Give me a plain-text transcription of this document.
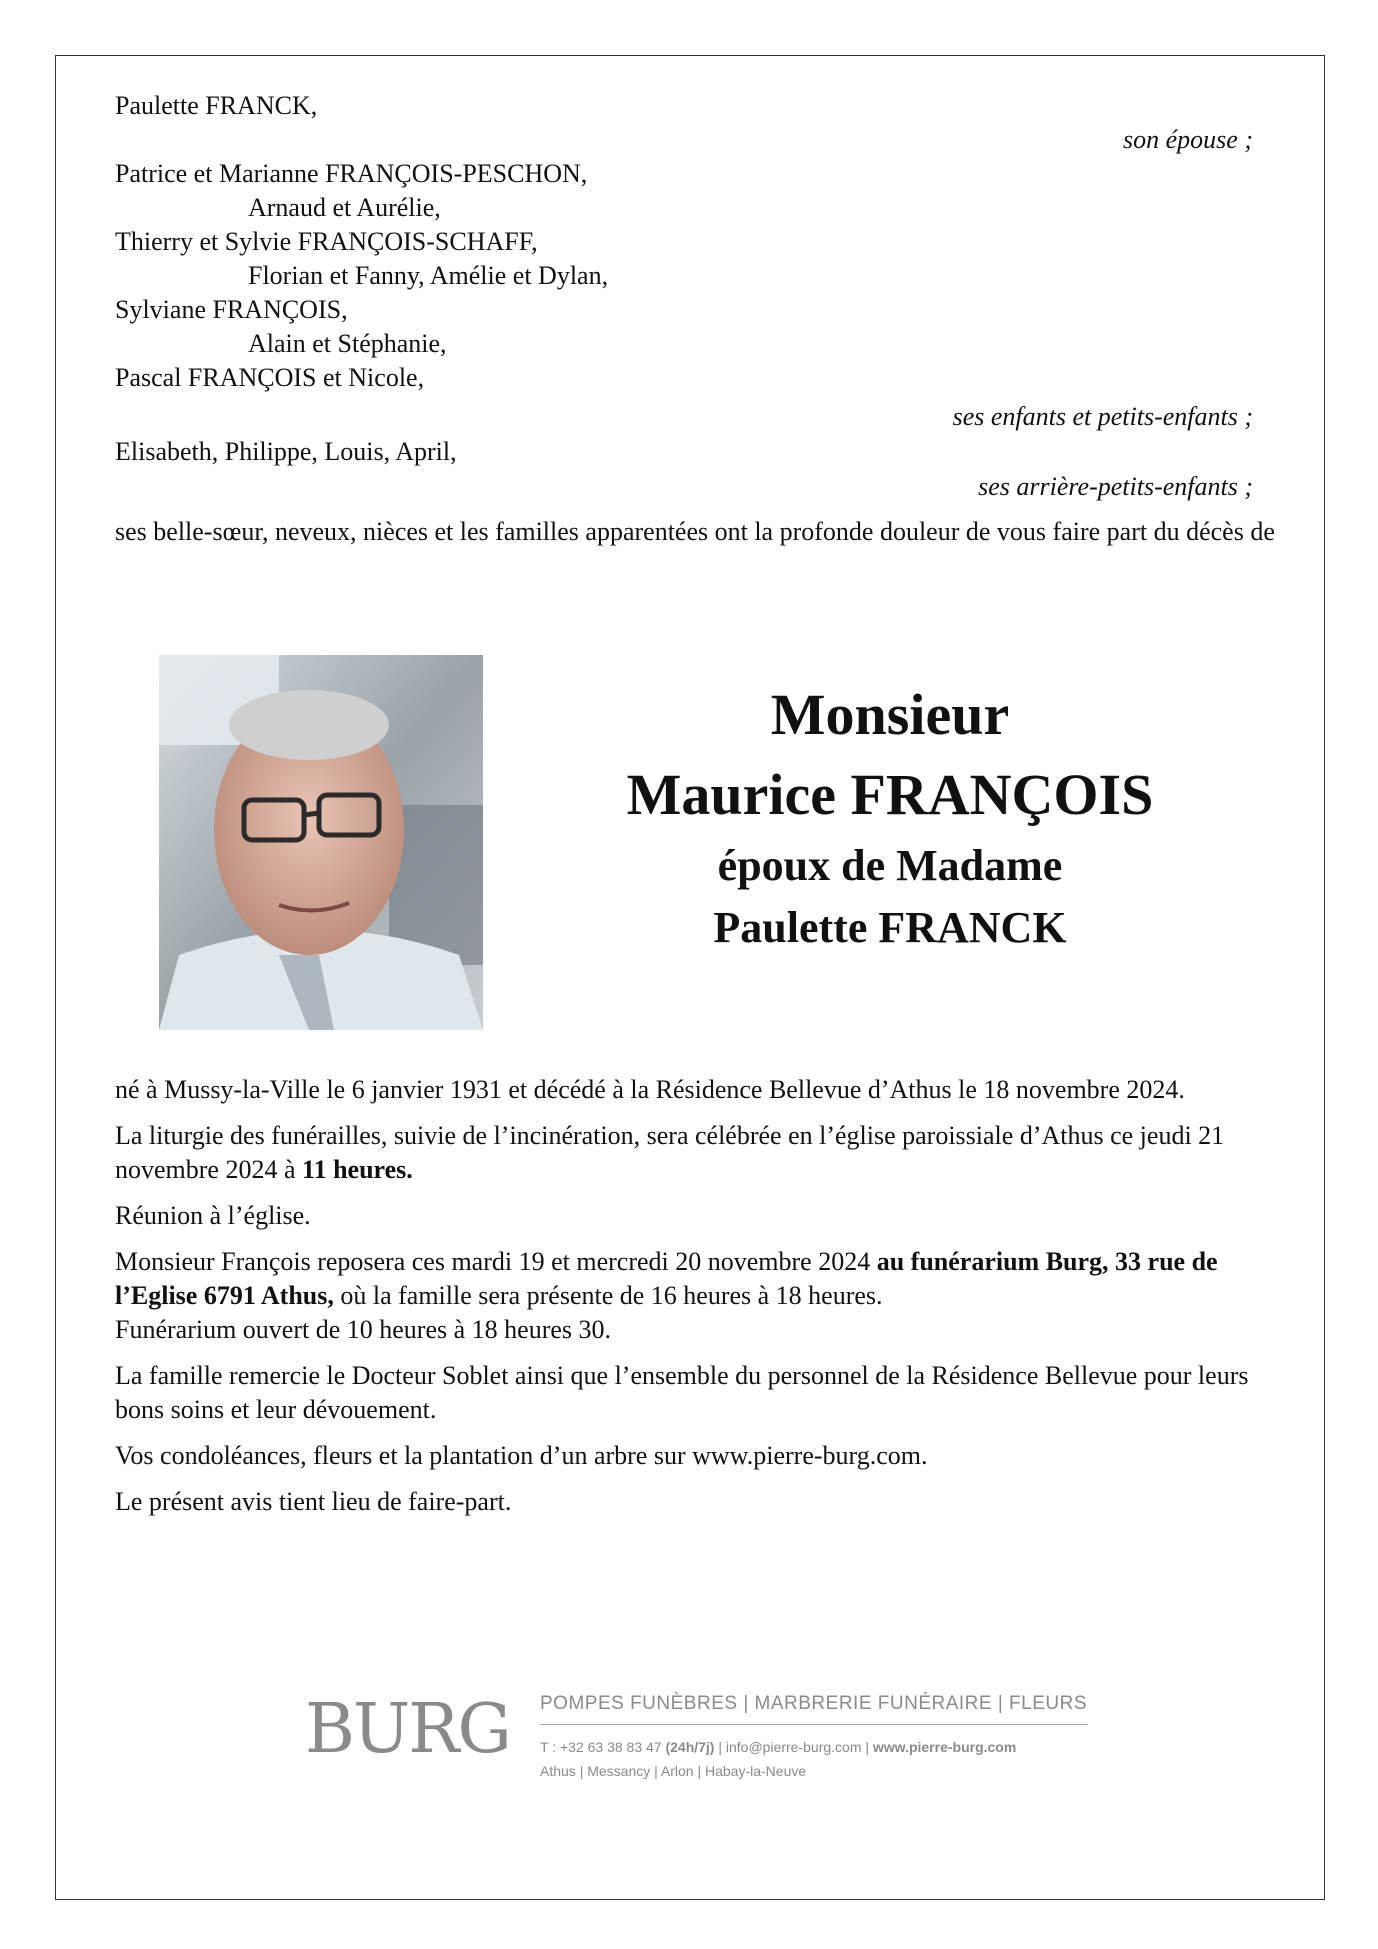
Paulette FRANCK,
son épouse ;
Patrice et Marianne FRANÇOIS-PESCHON,
Arnaud et Aurélie,
Thierry et Sylvie FRANÇOIS-SCHAFF,
Florian et Fanny, Amélie et Dylan,
Sylviane FRANÇOIS,
Alain et Stéphanie,
Pascal FRANÇOIS et Nicole,
ses enfants et petits-enfants ;
Elisabeth, Philippe, Louis, April,
ses arrière-petits-enfants ;

ses belle-sœur, neveux, nièces et les familles apparentées ont la profonde douleur de vous faire part du décès de

Monsieur
Maurice FRANÇOIS
époux de Madame
Paulette FRANCK

né à Mussy-la-Ville le 6 janvier 1931 et décédé à la Résidence Bellevue d’Athus le 18 novembre 2024.

La liturgie des funérailles, suivie de l’incinération, sera célébrée en l’église paroissiale d’Athus ce jeudi 21 novembre 2024 à 11 heures.

Réunion à l’église.

Monsieur François reposera ces mardi 19 et mercredi 20 novembre 2024 au funérarium Burg, 33 rue de l’Eglise 6791 Athus, où la famille sera présente de 16 heures à 18 heures.
Funérarium ouvert de 10 heures à 18 heures 30.

La famille remercie le Docteur Soblet ainsi que l’ensemble du personnel de la Résidence Bellevue pour leurs bons soins et leur dévouement.

Vos condoléances, fleurs et la plantation d’un arbre sur www.pierre-burg.com.

Le présent avis tient lieu de faire-part.

BURG POMPES FUNÈBRES | MARBRERIE FUNÉRAIRE | FLEURS
T : +32 63 38 83 47 (24h/7j) | info@pierre-burg.com | www.pierre-burg.com
Athus | Messancy | Arlon | Habay-la-Neuve
